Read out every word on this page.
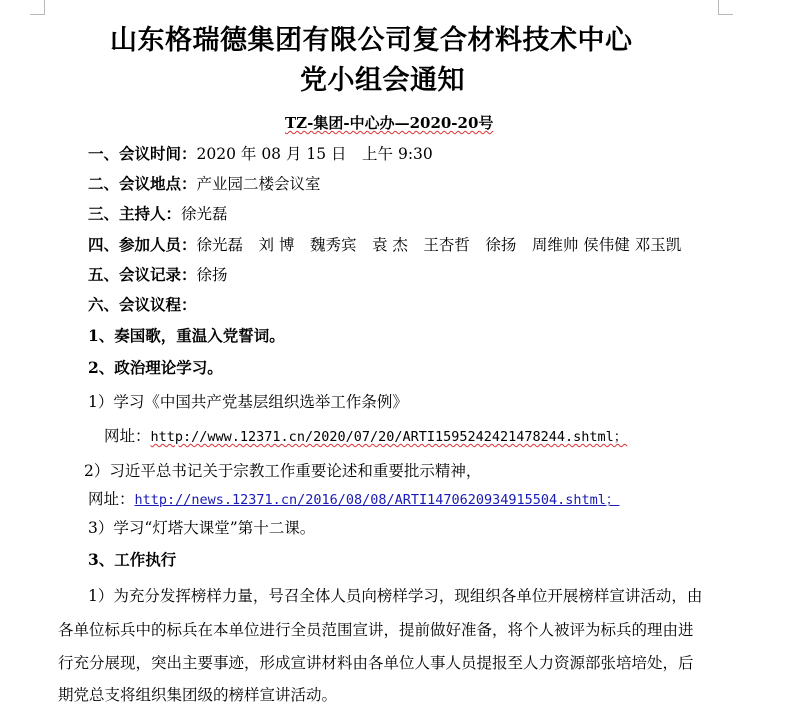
山东格瑞德集团有限公司复合材料技术中心
党小组会通知
TZ-集团-中心办—2020-20号
一、会议时间：2020 年 08 月 15 日　上午 9:30
二、会议地点：产业园二楼会议室
三、主持人：徐光磊
四、参加人员：徐光磊　刘 博　魏秀宾　袁 杰　王杏哲　徐扬　周维帅 侯伟健 邓玉凯
五、会议记录：徐扬
六、会议议程：
1、奏国歌，重温入党誓词。
2、政治理论学习。
1）学习《中国共产党基层组织选举工作条例》
网址：http://www.12371.cn/2020/07/20/ARTI1595242421478244.shtml；
2）习近平总书记关于宗教工作重要论述和重要批示精神，
网址：http://news.12371.cn/2016/08/08/ARTI1470620934915504.shtml；
3）学习“灯塔大课堂”第十二课。
3、工作执行
1）为充分发挥榜样力量，号召全体人员向榜样学习，现组织各单位开展榜样宣讲活动，由
各单位标兵中的标兵在本单位进行全员范围宣讲，提前做好准备，将个人被评为标兵的理由进
行充分展现，突出主要事迹，形成宣讲材料由各单位人事人员提报至人力资源部张培培处，后
期党总支将组织集团级的榜样宣讲活动。
